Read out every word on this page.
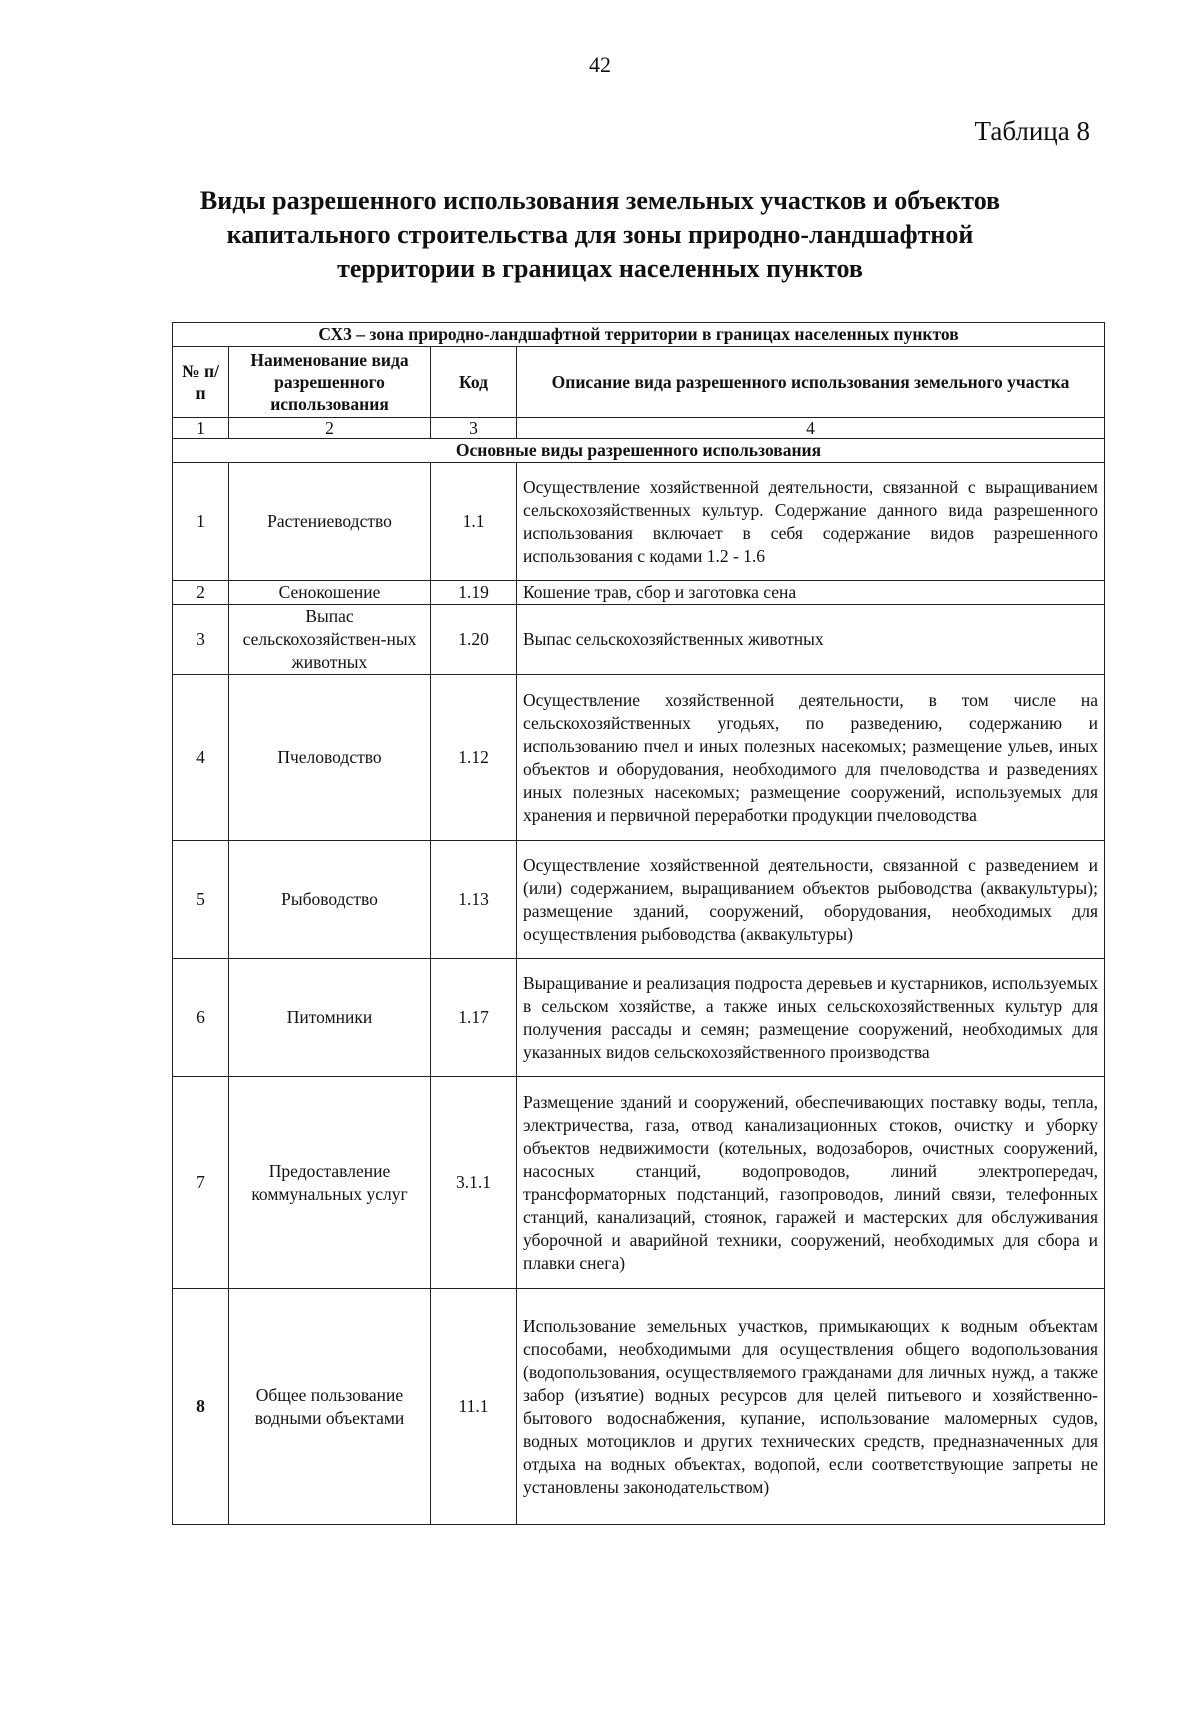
42
Таблица 8
Виды разрешенного использования земельных участков и объектов
капитального строительства для зоны природно-ландшафтной
территории в границах населенных пунктов
СХ3 – зона природно-ландшафтной территории в границах населенных пунктов			
№ п/п	Наименование вида разрешенного использования	Код	Описание вида разрешенного использования земельного участка
1	2	3	4
Основные виды разрешенного использования			
1	Растениеводство	1.1	Осуществление хозяйственной деятельности, связанной с выращиванием сельскохозяйственных культур. Содержание данного вида разрешенного использования включает в себя содержание видов разрешенного использования с кодами 1.2 - 1.6
2	Сенокошение	1.19	Кошение трав, сбор и заготовка сена
3	Выпас сельскохозяйствен-ных животных	1.20	Выпас сельскохозяйственных животных
4	Пчеловодство	1.12	Осуществление хозяйственной деятельности, в том числе на сельскохозяйственных угодьях, по разведению, содержанию и использованию пчел и иных полезных насекомых; размещение ульев, иных объектов и оборудования, необходимого для пчеловодства и разведениях иных полезных насекомых; размещение сооружений, используемых для хранения и первичной переработки продукции пчеловодства
5	Рыбоводство	1.13	Осуществление хозяйственной деятельности, связанной с разведением и (или) содержанием, выращиванием объектов рыбоводства (аквакультуры); размещение зданий, сооружений, оборудования, необходимых для осуществления рыбоводства (аквакультуры)
6	Питомники	1.17	Выращивание и реализация подроста деревьев и кустарников, используемых в сельском хозяйстве, а также иных сельскохозяйственных культур для получения рассады и семян; размещение сооружений, необходимых для указанных видов сельскохозяйственного производства
7	Предоставление коммунальных услуг	3.1.1	Размещение зданий и сооружений, обеспечивающих поставку воды, тепла, электричества, газа, отвод канализационных стоков, очистку и уборку объектов недвижимости (котельных, водозаборов, очистных сооружений, насосных станций, водопроводов, линий электропередач, трансформаторных подстанций, газопроводов, линий связи, телефонных станций, канализаций, стоянок, гаражей и мастерских для обслуживания уборочной и аварийной техники, сооружений, необходимых для сбора и плавки снега)
8	Общее пользование водными объектами	11.1	Использование земельных участков, примыкающих к водным объектам способами, необходимыми для осуществления общего водопользования (водопользования, осуществляемого гражданами для личных нужд, а также забор (изъятие) водных ресурсов для целей питьевого и хозяйственно-бытового водоснабжения, купание, использование маломерных судов, водных мотоциклов и других технических средств, предназначенных для отдыха на водных объектах, водопой, если соответствующие запреты не установлены законодательством)
